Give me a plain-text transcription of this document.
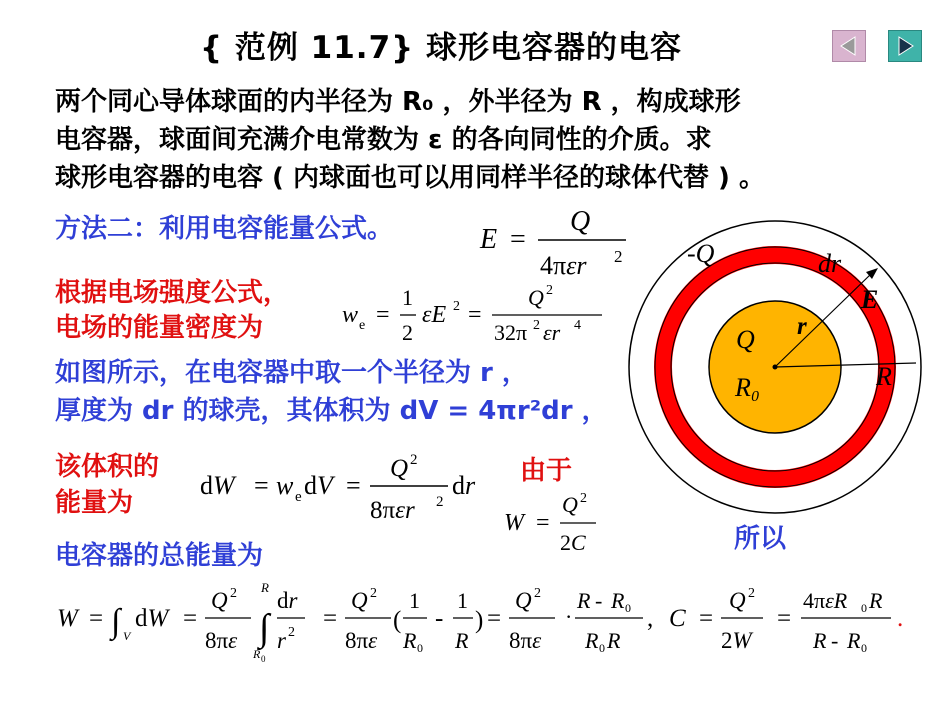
{ 范例 11.7} 球形电容器的电容
两个同心导体球面的内半径为 R₀ ，外半径为 R ，构成球形
电容器，球面间充满介电常数为 ε 的各向同性的介质。求
球形电容器的电容 ( 内球面也可以用同样半径的球体代替 ) 。
方法二：利用电容能量公式。	E =
Q
4πεr 2
根据电场强度公式，
电场的能量密度为	w e =
1
2
εE 2 =
Q 2
32π 2 εr 4
如图所示，在电容器中取一个半径为 r ，
厚度为 dr 的球壳，其体积为 dV = 4πr²dr ，
该体积的
能量为
dW = w e dV =
Q 2
8πεr 2
dr 由于
W =
Q 2
2C	所以
电容器的总能量为
W = ∫ V
dW =
Q 2
8πε ∫
R
R 0
dr
r 2
=
Q 2
8πε
(
1
R 0
-
1
R
) =
Q 2
8πε
·
R - R 0
R 0 R
, C =
Q 2
2W
=
4πεR 0 R
R - R 0
.
-Q	dr
E
r
Q
R₀	R
